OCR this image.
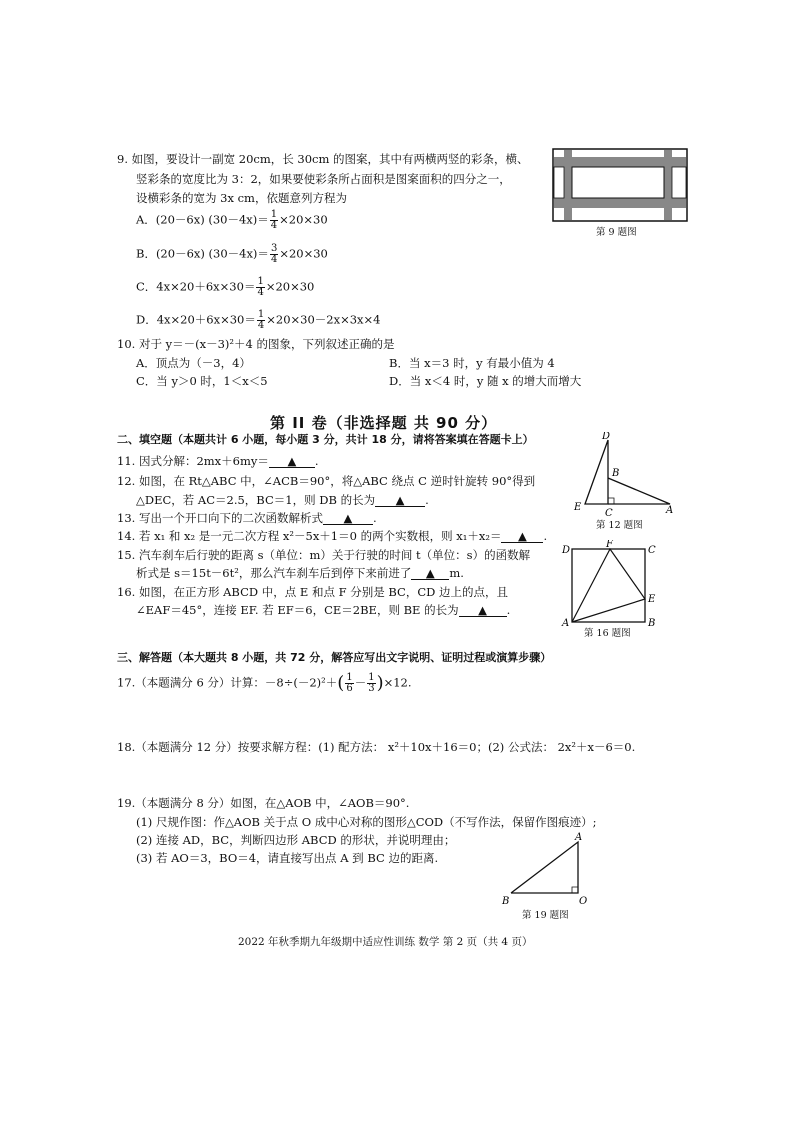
9. 如图，要设计一副宽 20cm，长 30cm 的图案，其中有两横两竖的彩条，横、
竖彩条的宽度比为 3：2，如果要使彩条所占面积是图案面积的四分之一，
设横彩条的宽为 3x cm，依题意列方程为
A．(20－6x) $(30-4x)= \frac{1}{4} \times 20\times 30$
B．(20－6x) $(30-4x)= \frac{3}{4} \times 20\times 30$
C．$4x\times 20+6x\times 30= \frac{1}{4} \times 20\times 30$
D．$4x\times 20+6x\times 30= \frac{1}{4} \times 20\times 30-2x\times 3x\times 4$
第 9 题图
10. 对于 y＝－(x－3)²＋4 的图象，下列叙述正确的是
A．顶点为（－3，4）	B．当 x＝3 时，y 有最小值为 4
C．当 y＞0 时，1＜x＜5	D．当 x＜4 时，y 随 x 的增大而增大
第 II 卷（非选择题 共 90 分）
二、填空题（本题共计 6 小题，每小题 3 分，共计 18 分，请将答案填在答题卡上）
11. 因式分解：2mx＋6my＝ ▲ .
12. 如图，在 Rt△ABC 中，∠ACB＝90°，将△ABC 绕点 C 逆时针旋转 90°得到
△DEC，若 AC＝2.5，BC＝1，则 DB 的长为 ▲ .
13. 写出一个开口向下的二次函数解析式 ▲ .
14. 若 x₁ 和 x₂ 是一元二次方程 x²－5x＋1＝0 的两个实数根，则 x₁＋x₂＝ ▲ .
15. 汽车刹车后行驶的距离 s（单位：m）关于行驶的时间 t（单位：s）的函数解
析式是 s＝15t－6t²，那么汽车刹车后到停下来前进了 ▲ m.
16. 如图，在正方形 ABCD 中，点 E 和点 F 分别是 BC，CD 边上的点，且
∠EAF＝45°，连接 EF. 若 EF＝6，CE＝2BE，则 BE 的长为 ▲ .
D
B
E
C	A
第 12 题图
D
F
C
E
A	B
第 16 题图
三、解答题（本大题共 8 小题，共 72 分，解答应写出文字说明、证明过程或演算步骤）
17.（本题满分 6 分）计算：$-8\div(-2)^2+( \frac{1}{6} - \frac{1}{3} )\times 12$.
18.（本题满分 12 分）按要求解方程：(1) 配方法： x²＋10x＋16＝0；(2) 公式法： 2x²＋x－6＝0.
19.（本题满分 8 分）如图，在△AOB 中，∠AOB＝90°.
(1) 尺规作图：作△AOB 关于点 O 成中心对称的图形△COD（不写作法，保留作图痕迹）;
(2) 连接 AD，BC，判断四边形 ABCD 的形状，并说明理由；
(3) 若 AO＝3，BO＝4，请直接写出点 A 到 BC 边的距离.
A
B	O
第 19 题图
2022 年秋季期九年级期中适应性训练 数学 第 2 页（共 4 页）
